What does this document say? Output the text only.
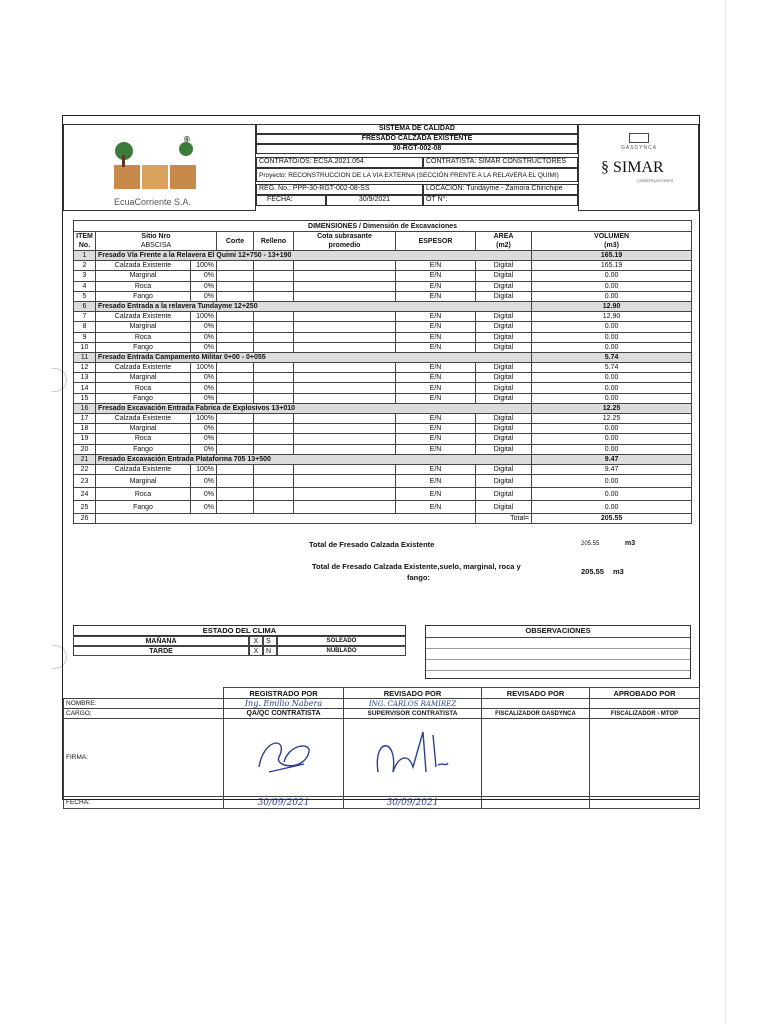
®
EcuaCorriente S.A.
SISTEMA DE CALIDAD
FRESADO CALZADA EXISTENTE
30-RGT-002-08
CONTRATO/OS: ECSA.2021.054	CONTRATISTA: SIMAR CONSTRUCTORES
Proyecto: RECONSTRUCCION DE LA VIA EXTERNA (SECCIÓN FRENTE A LA RELAVERA EL QUIMI)
REG. No.: PPP-30-RGT-002-08-SS	LOCACIÓN: Tundayme - Zamora Chinchipe
FECHA:	30/9/2021	OT N°:
GASDYNCA
§ SIMAR
CONSTRUCTORES
DIMENSIONES / Dimensión de Excavaciones								
ITEM
No.	Sitio Nro
ABSCISA		Corte	Relleno	Cota subrasante
promedio	ESPESOR	AREA
(m2)	VOLUMEN
(m3)
1	Fresado Vía Frente a la Relavera El Quimi 12+750 - 13+190							165.19
2	Calzada Existente	100%				E/N	Digital	165.19
3	Marginal	0%				E/N	Digital	0.00
4	Roca	0%				E/N	Digital	0.00
5	Fango	0%				E/N	Digital	0.00
6	Fresado Entrada a la relavera Tundayme 12+250							12.90
7	Calzada Existente	100%				E/N	Digital	12.90
8	Marginal	0%				E/N	Digital	0.00
9	Roca	0%				E/N	Digital	0.00
10	Fango	0%				E/N	Digital	0.00
11	Fresado Entrada Campamento Militar 0+00 - 0+055							5.74
12	Calzada Existente	100%				E/N	Digital	5.74
13	Marginal	0%				E/N	Digital	0.00
14	Roca	0%				E/N	Digital	0.00
15	Fango	0%				E/N	Digital	0.00
16	Fresado Excavación Entrada Fabrica de Explosivos 13+010							12.25
17	Calzada Existente	100%				E/N	Digital	12.25
18	Marginal	0%				E/N	Digital	0.00
19	Roca	0%				E/N	Digital	0.00
20	Fango	0%				E/N	Digital	0.00
21	Fresado Excavación Entrada Plataforma 705 13+500							9.47
22	Calzada Existente	100%				E/N	Digital	9.47
23	Marginal	0%				E/N	Digital	0.00
24	Roca	0%				E/N	Digital	0.00
25	Fango	0%				E/N	Digital	0.00
26							Total=	205.55
Total de Fresado Calzada Existente	205.55	m3
Total de Fresado Calzada Existente,suelo, marginal, roca y
fango:
205.55 m3
ESTADO DEL CLIMA
MAÑANA	X	S	SOLEADO
TARDE	X	N	NUBLADO
OBSERVACIONES
	REGISTRADO POR	REVISADO POR	REVISADO POR	APROBADO POR
NOMBRE:	Ing. Emilio Nabera	ING. CARLOS RAMIREZ		
CARGO:	QA/QC CONTRATISTA	SUPERVISOR CONTRATISTA	FISCALIZADOR GASDYNCA	FISCALIZADOR - MTOP
FIRMA:				
FECHA:	30/09/2021	30/09/2021		
